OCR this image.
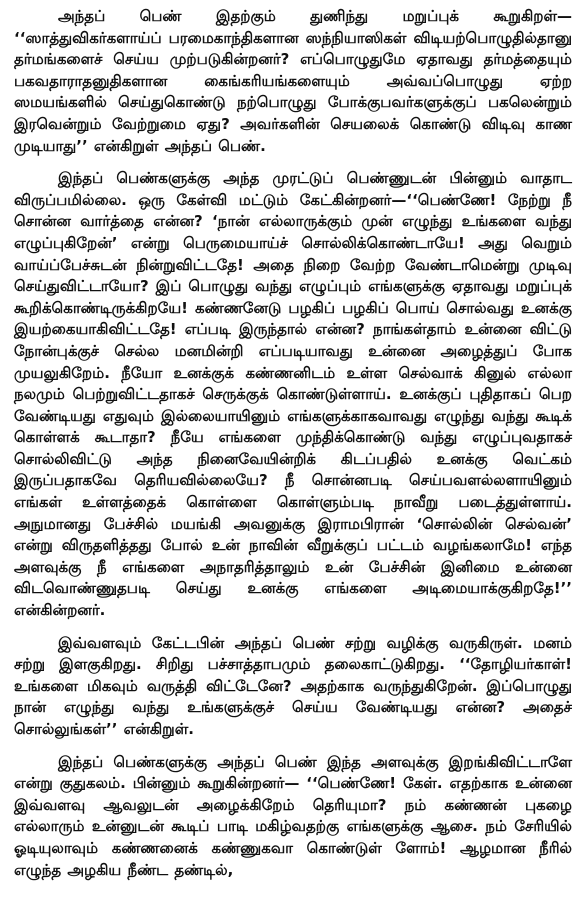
அந்தப் பெண் இதற்கும் துணிந்து மறுப்புக் கூறுகிறள்— ‘‘ஸாத்துவிகர்களாய்ப் பரமைகாந்திகளான ஸந்நியாஸிகள் விடியற்பொழுதில்தானு தர்மங்களைச் செய்ய முற்படுகின்றனர்? எப்பொழுதுமே ஏதாவது தர்மத்தையும் பகவதாராதனுதிகளான கைங்கரியங்களையும் அவ்வப்பொழுது ஏற்ற ஸமயங்களில் செய்துகொண்டு நற்பொழுது போக்குபவர்களுக்குப் பகலென்றும் இரவென்றும் வேற்றுமை ஏது? அவர்களின் செயலைக் கொண்டு விடிவு காண முடியாது’’ என்கிறுள் அந்தப் பெண்.

இந்தப் பெண்களுக்கு அந்த முரட்டுப் பெண்ணுடன் பின்னும் வாதாட விருப்பமில்லை. ஒரு கேள்வி மட்டும் கேட்கின்றனர்—‘‘பெண்ணே! நேற்று நீ சொன்ன வார்த்தை என்ன? ‘நான் எல்லாருக்கும் முன் எழுந்து உங்களை வந்து எழுப்புகிறேன்’ என்று பெருமையாய்ச் சொல்லிக்கொண்டாயே! அது வெறும் வாய்ப்பேச்சுடன் நின்றுவிட்டதே! அதை நிறை வேற்ற வேண்டாமென்று முடிவு செய்துவிட்டாயோ? இப் பொழுது வந்து எழுப்பும் எங்களுக்கு ஏதாவது மறுப்புக் கூறிக்கொண்டிருக்கிறயே! கண்ணனேடு பழகிப் பழகிப் பொய் சொல்வது உனக்கு இயற்கையாகிவிட்டதே! எப்படி இருந்தால் என்ன? நாங்கள்தாம் உன்னை விட்டு நோன்புக்குச் செல்ல மனமின்றி எப்படியாவது உன்னை அழைத்துப் போக முயலுகிறேம். நீயோ உனக்குக் கண்ணனிடம் உள்ள செல்வாக் கினுல் எல்லா நலமும் பெற்றுவிட்டதாகச் செருக்குக் கொண்டுள்ளாய். உனக்குப் புதிதாகப் பெற வேண்டியது எதுவும் இல்லையாயினும் எங்களுக்காகவாவது எழுந்து வந்து கூடிக் கொள்ளக் கூடாதா? நீயே எங்களை முந்திக்கொண்டு வந்து எழுப்புவதாகச் சொல்லிவிட்டு அந்த நினைவேயின்றிக் கிடப்பதில் உனக்கு வெட்கம் இருப்பதாகவே தெரியவில்லையே? நீ சொன்னபடி செய்பவளல்லளாயினும் எங்கள் உள்ளத்தைக் கொள்ளை கொள்ளும்படி நாவீறு படைத்துள்ளாய். அநுமானது பேச்சில் மயங்கி அவனுக்கு இராமபிரான் ‘சொல்லின் செல்வன்’ என்று விருதளித்தது போல் உன் நாவின் வீறுக்குப் பட்டம் வழங்கலாமே! எந்த அளவுக்கு நீ எங்களை அநாதரித்தாலும் உன் பேச்சின் இனிமை உன்னை விடவொண்ணுதபடி செய்து உனக்கு எங்களை அடிமையாக்குகிறதே!’’ என்கின்றனர்.

இவ்வளவும் கேட்டபின் அந்தப் பெண் சற்று வழிக்கு வருகிருள். மனம் சற்று இளகுகிறது. சிறிது பச்சாத்தாபமும் தலைகாட்டுகிறது. ‘‘தோழியர்காள்! உங்களை மிகவும் வருத்தி விட்டேனே? அதற்காக வருந்துகிறேன். இப்பொழுது நான் எழுந்து வந்து உங்களுக்குச் செய்ய வேண்டியது என்ன? அதைச் சொல்லுங்கள்’’ என்கிறுள்.

இந்தப் பெண்களுக்கு அந்தப் பெண் இந்த அளவுக்கு இறங்கிவிட்டாளே என்று குதுகலம். பின்னும் கூறுகின்றனர்— ‘‘பெண்ணே! கேள். எதற்காக உன்னை இவ்வளவு ஆவலுடன் அழைக்கிறேம் தெரியுமா? நம் கண்ணன் புகழை எல்லாரும் உன்னுடன் கூடிப் பாடி மகிழ்வதற்கு எங்களுக்கு ஆசை. நம் சேரியில் ஓடியுலாவும் கண்ணனைக் கண்ணுகவா கொண்டுள் ளோம்! ஆழமான நீரில் எழுந்த அழகிய நீண்ட தண்டில்,
